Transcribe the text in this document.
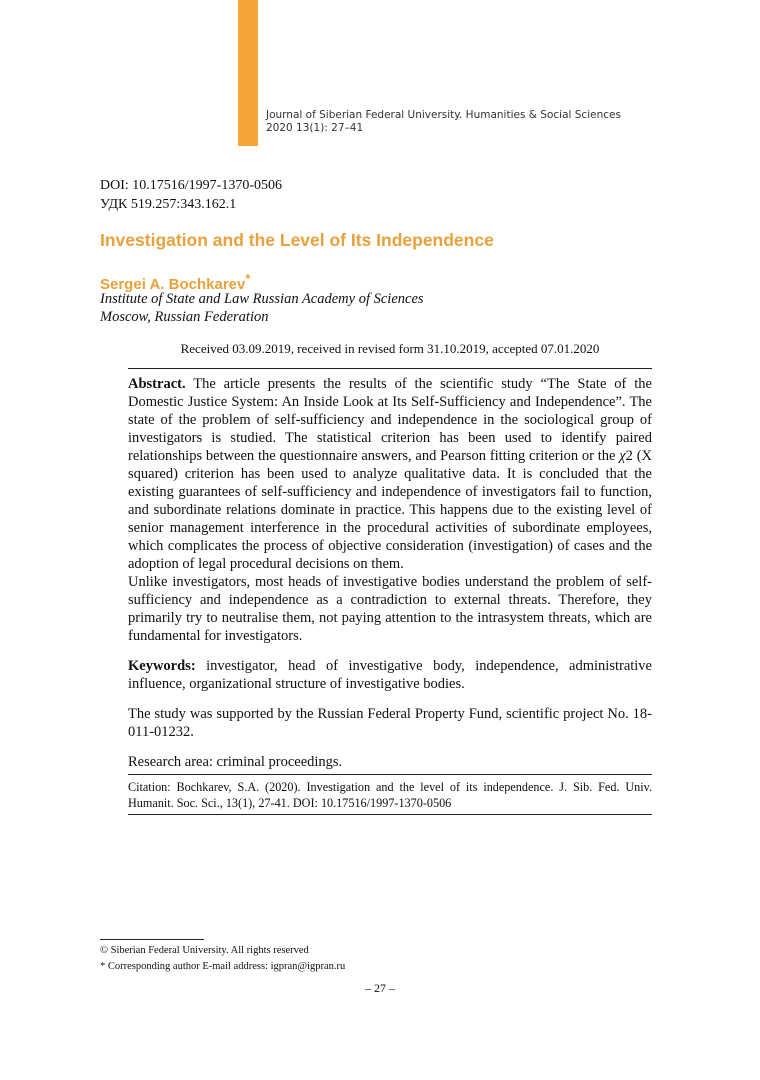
Journal of Siberian Federal University. Humanities & Social Sciences
2020 13(1): 27–41
DOI: 10.17516/1997-1370-0506
УДК 519.257:343.162.1
Investigation and the Level of Its Independence
Sergei A. Bochkarev*
Institute of State and Law Russian Academy of Sciences
Moscow, Russian Federation
Received 03.09.2019, received in revised form 31.10.2019, accepted 07.01.2020

Abstract. The article presents the results of the scientific study “The State of the Domestic Justice System: An Inside Look at Its Self-Sufficiency and Independence”. The state of the problem of self-sufficiency and independence in the sociological group of investigators is studied. The statistical criterion has been used to identify paired relationships between the questionnaire answers, and Pearson fitting criterion or the χ2 (X squared) criterion has been used to analyze qualitative data. It is concluded that the existing guarantees of self-sufficiency and independence of investigators fail to function, and subordinate relations dominate in practice. This happens due to the existing level of senior management interference in the procedural activities of subordinate employees, which complicates the process of objective consideration (investigation) of cases and the adoption of legal procedural decisions on them.

Unlike investigators, most heads of investigative bodies understand the problem of self-sufficiency and independence as a contradiction to external threats. Therefore, they primarily try to neutralise them, not paying attention to the intrasystem threats, which are fundamental for investigators.

Keywords: investigator, head of investigative body, independence, administrative influence, organizational structure of investigative bodies.

The study was supported by the Russian Federal Property Fund, scientific project No. 18-011-01232.

Research area: criminal proceedings.

Citation: Bochkarev, S.A. (2020). Investigation and the level of its independence. J. Sib. Fed. Univ. Humanit. Soc. Sci., 13(1), 27-41. DOI: 10.17516/1997-1370-0506
© Siberian Federal University. All rights reserved
* Corresponding author E-mail address: igpran@igpran.ru
– 27 –
